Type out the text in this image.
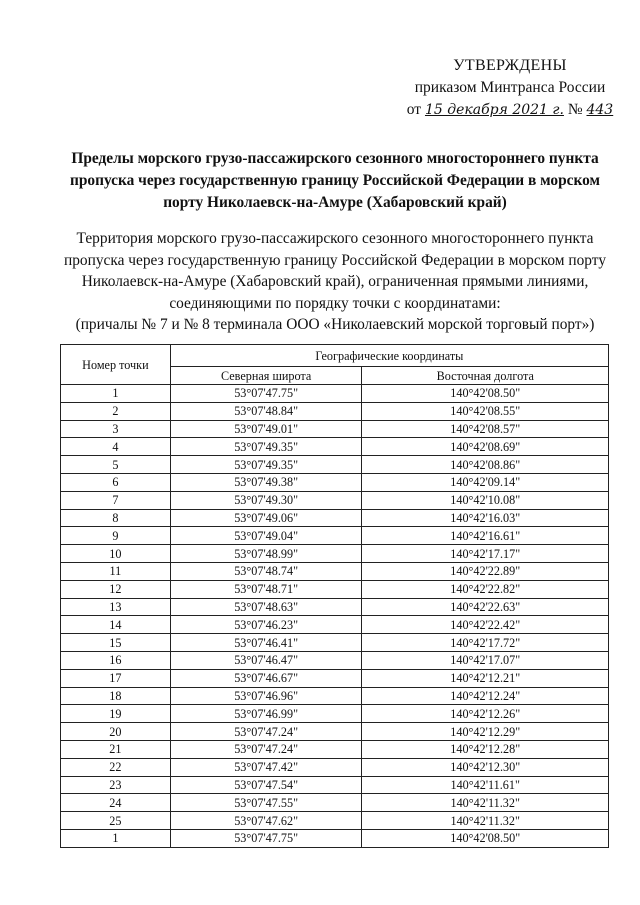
УТВЕРЖДЕНЫ
приказом Минтранса России
от 15 декабря 2021 г. № 443
Пределы морского грузо-пассажирского сезонного многостороннего пункта пропуска через государственную границу Российской Федерации в морском порту Николаевск-на-Амуре (Хабаровский край)
Территория морского грузо-пассажирского сезонного многостороннего пункта пропуска через государственную границу Российской Федерации в морском порту Николаевск-на-Амуре (Хабаровский край), ограниченная прямыми линиями, соединяющими по порядку точки с координатами:
(причалы № 7 и № 8 терминала ООО «Николаевский морской торговый порт»)
Номер точки	Географические координаты	
	Северная широта	Восточная долгота
1	53°07'47.75"	140°42'08.50"
2	53°07'48.84"	140°42'08.55"
3	53°07'49.01"	140°42'08.57"
4	53°07'49.35"	140°42'08.69"
5	53°07'49.35"	140°42'08.86"
6	53°07'49.38"	140°42'09.14"
7	53°07'49.30"	140°42'10.08"
8	53°07'49.06"	140°42'16.03"
9	53°07'49.04"	140°42'16.61"
10	53°07'48.99"	140°42'17.17"
11	53°07'48.74"	140°42'22.89"
12	53°07'48.71"	140°42'22.82"
13	53°07'48.63"	140°42'22.63"
14	53°07'46.23"	140°42'22.42"
15	53°07'46.41"	140°42'17.72"
16	53°07'46.47"	140°42'17.07"
17	53°07'46.67"	140°42'12.21"
18	53°07'46.96"	140°42'12.24"
19	53°07'46.99"	140°42'12.26"
20	53°07'47.24"	140°42'12.29"
21	53°07'47.24"	140°42'12.28"
22	53°07'47.42"	140°42'12.30"
23	53°07'47.54"	140°42'11.61"
24	53°07'47.55"	140°42'11.32"
25	53°07'47.62"	140°42'11.32"
1	53°07'47.75"	140°42'08.50"
